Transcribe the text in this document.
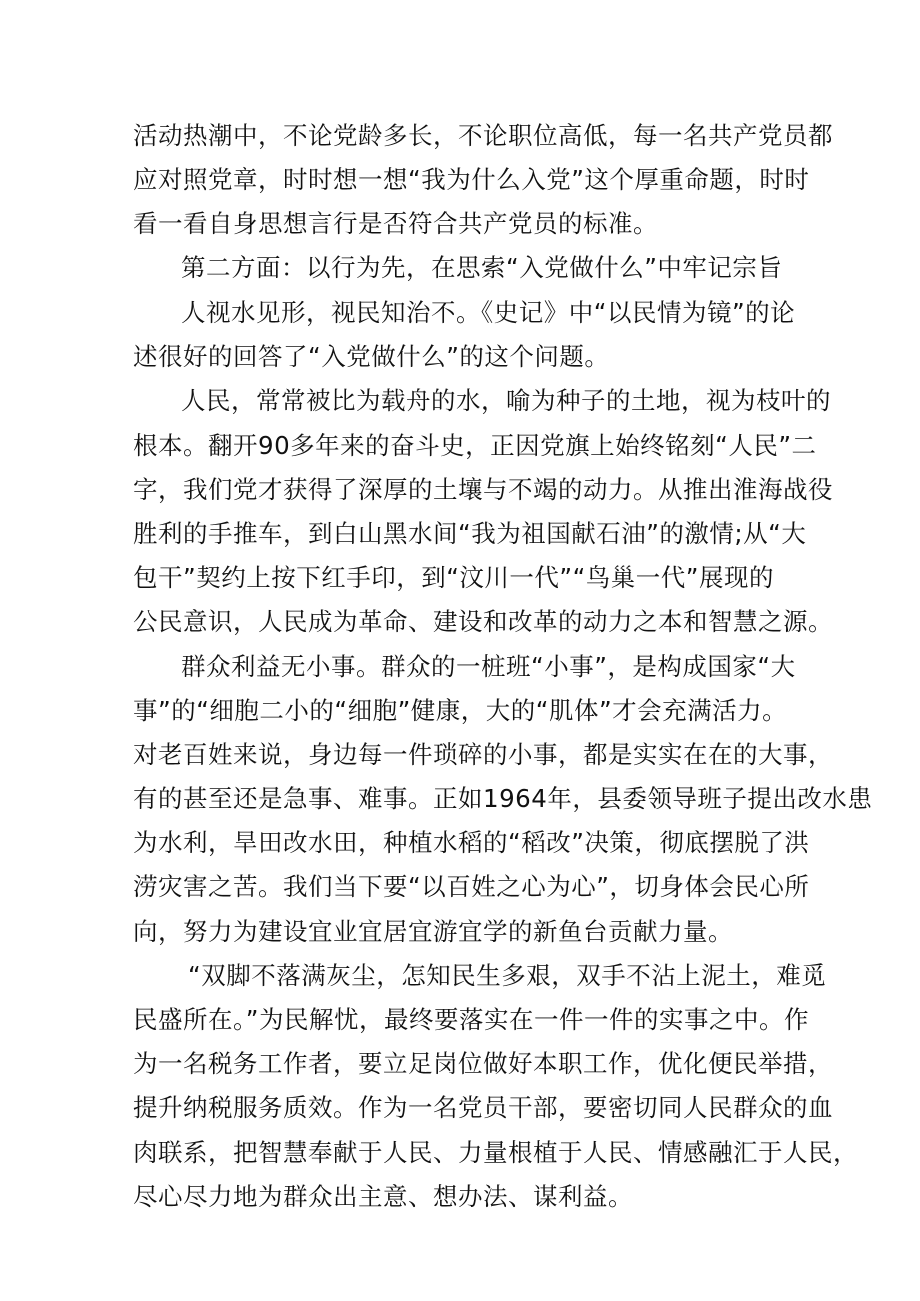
活动热潮中，不论党龄多长，不论职位高低，每一名共产党员都
应对照党章，时时想一想“我为什么入党”这个厚重命题，时时
看一看自身思想言行是否符合共产党员的标准。
第二方面：以行为先，在思索“入党做什么”中牢记宗旨
人视水见形，视民知治不。《史记》中“以民情为镜”的论
述很好的回答了“入党做什么”的这个问题。
人民，常常被比为载舟的水，喻为种子的土地，视为枝叶的
根本。翻开90多年来的奋斗史，正因党旗上始终铭刻“人民”二
字，我们党才获得了深厚的土壤与不竭的动力。从推出淮海战役
胜利的手推车，到白山黑水间“我为祖国献石油”的激情;从“大
包干”契约上按下红手印，到“汶川一代”“鸟巢一代”展现的
公民意识，人民成为革命、建设和改革的动力之本和智慧之源。
群众利益无小事。群众的一桩班“小事”，是构成国家“大
事”的“细胞二小的“细胞”健康，大的“肌体”才会充满活力。
对老百姓来说，身边每一件琐碎的小事，都是实实在在的大事，
有的甚至还是急事、难事。正如1964年，县委领导班子提出改水患
为水利，旱田改水田，种植水稻的“稻改”决策，彻底摆脱了洪
涝灾害之苦。我们当下要“以百姓之心为心”，切身体会民心所
向，努力为建设宜业宜居宜游宜学的新鱼台贡献力量。
“双脚不落满灰尘，怎知民生多艰，双手不沾上泥土，难觅
民盛所在。”为民解忧，最终要落实在一件一件的实事之中。作
为一名税务工作者，要立足岗位做好本职工作，优化便民举措，
提升纳税服务质效。作为一名党员干部，要密切同人民群众的血
肉联系，把智慧奉献于人民、力量根植于人民、情感融汇于人民，
尽心尽力地为群众出主意、想办法、谋利益。
